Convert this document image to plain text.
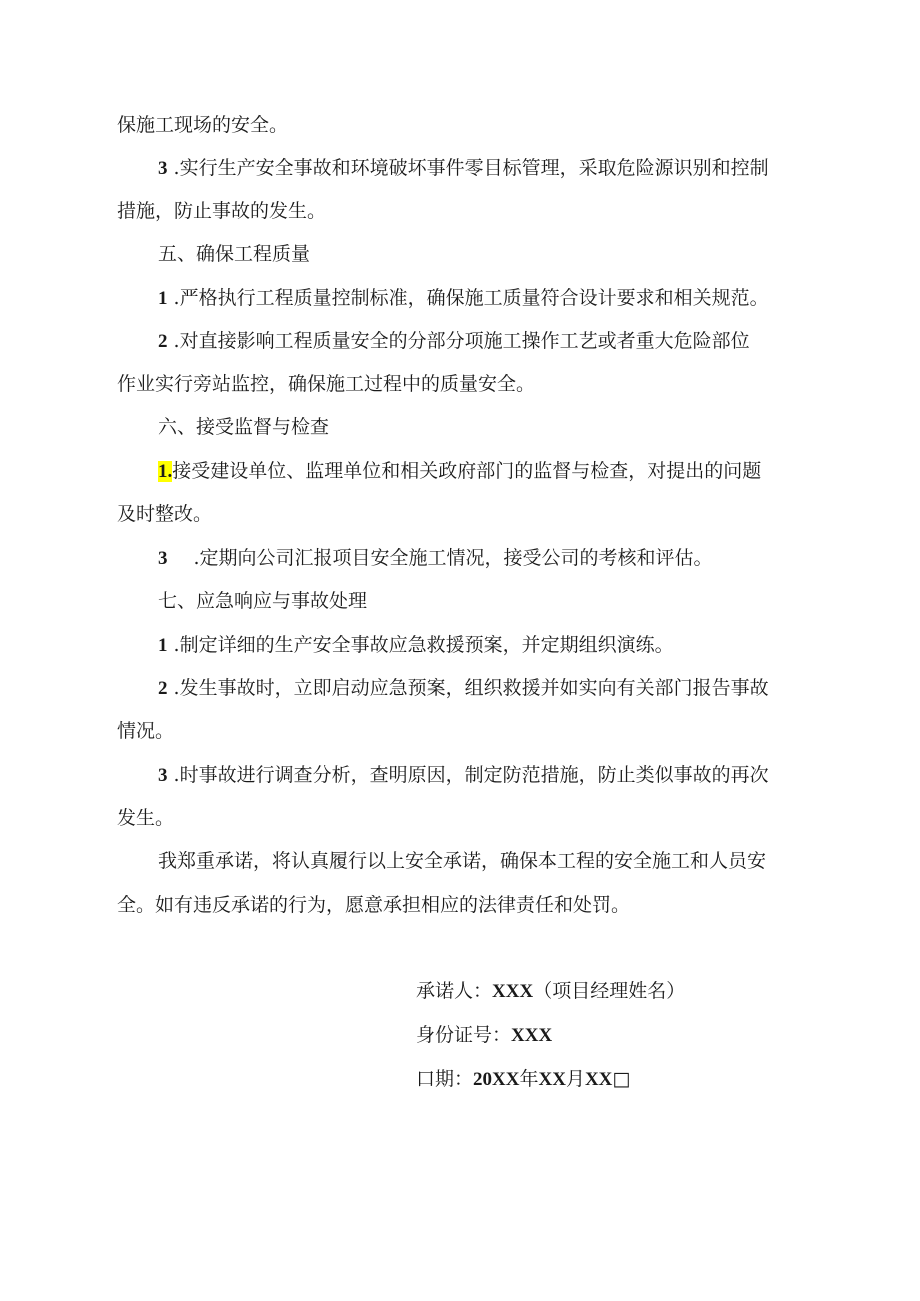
保施工现场的安全。

3 .实行生产安全事故和环境破坏事件零目标管理，采取危险源识别和控制

措施，防止事故的发生。

五、确保工程质量

1 .严格执行工程质量控制标准，确保施工质量符合设计要求和相关规范。

2 .对直接影响工程质量安全的分部分项施工操作工艺或者重大危险部位

作业实行旁站监控，确保施工过程中的质量安全。

六、接受监督与检查

1.接受建设单位、监理单位和相关政府部门的监督与检查，对提出的问题

及时整改。

3 .定期向公司汇报项目安全施工情况，接受公司的考核和评估。

七、应急响应与事故处理

1 .制定详细的生产安全事故应急救援预案，并定期组织演练。

2 .发生事故时，立即启动应急预案，组织救援并如实向有关部门报告事故

情况。

3 .时事故进行调查分析，查明原因，制定防范措施，防止类似事故的再次

发生。

我郑重承诺，将认真履行以上安全承诺，确保本工程的安全施工和人员安

全。如有违反承诺的行为，愿意承担相应的法律责任和处罚。

承诺人：XXX（项目经理姓名）

身份证号：XXX

口期：20XX年XX月XX□
